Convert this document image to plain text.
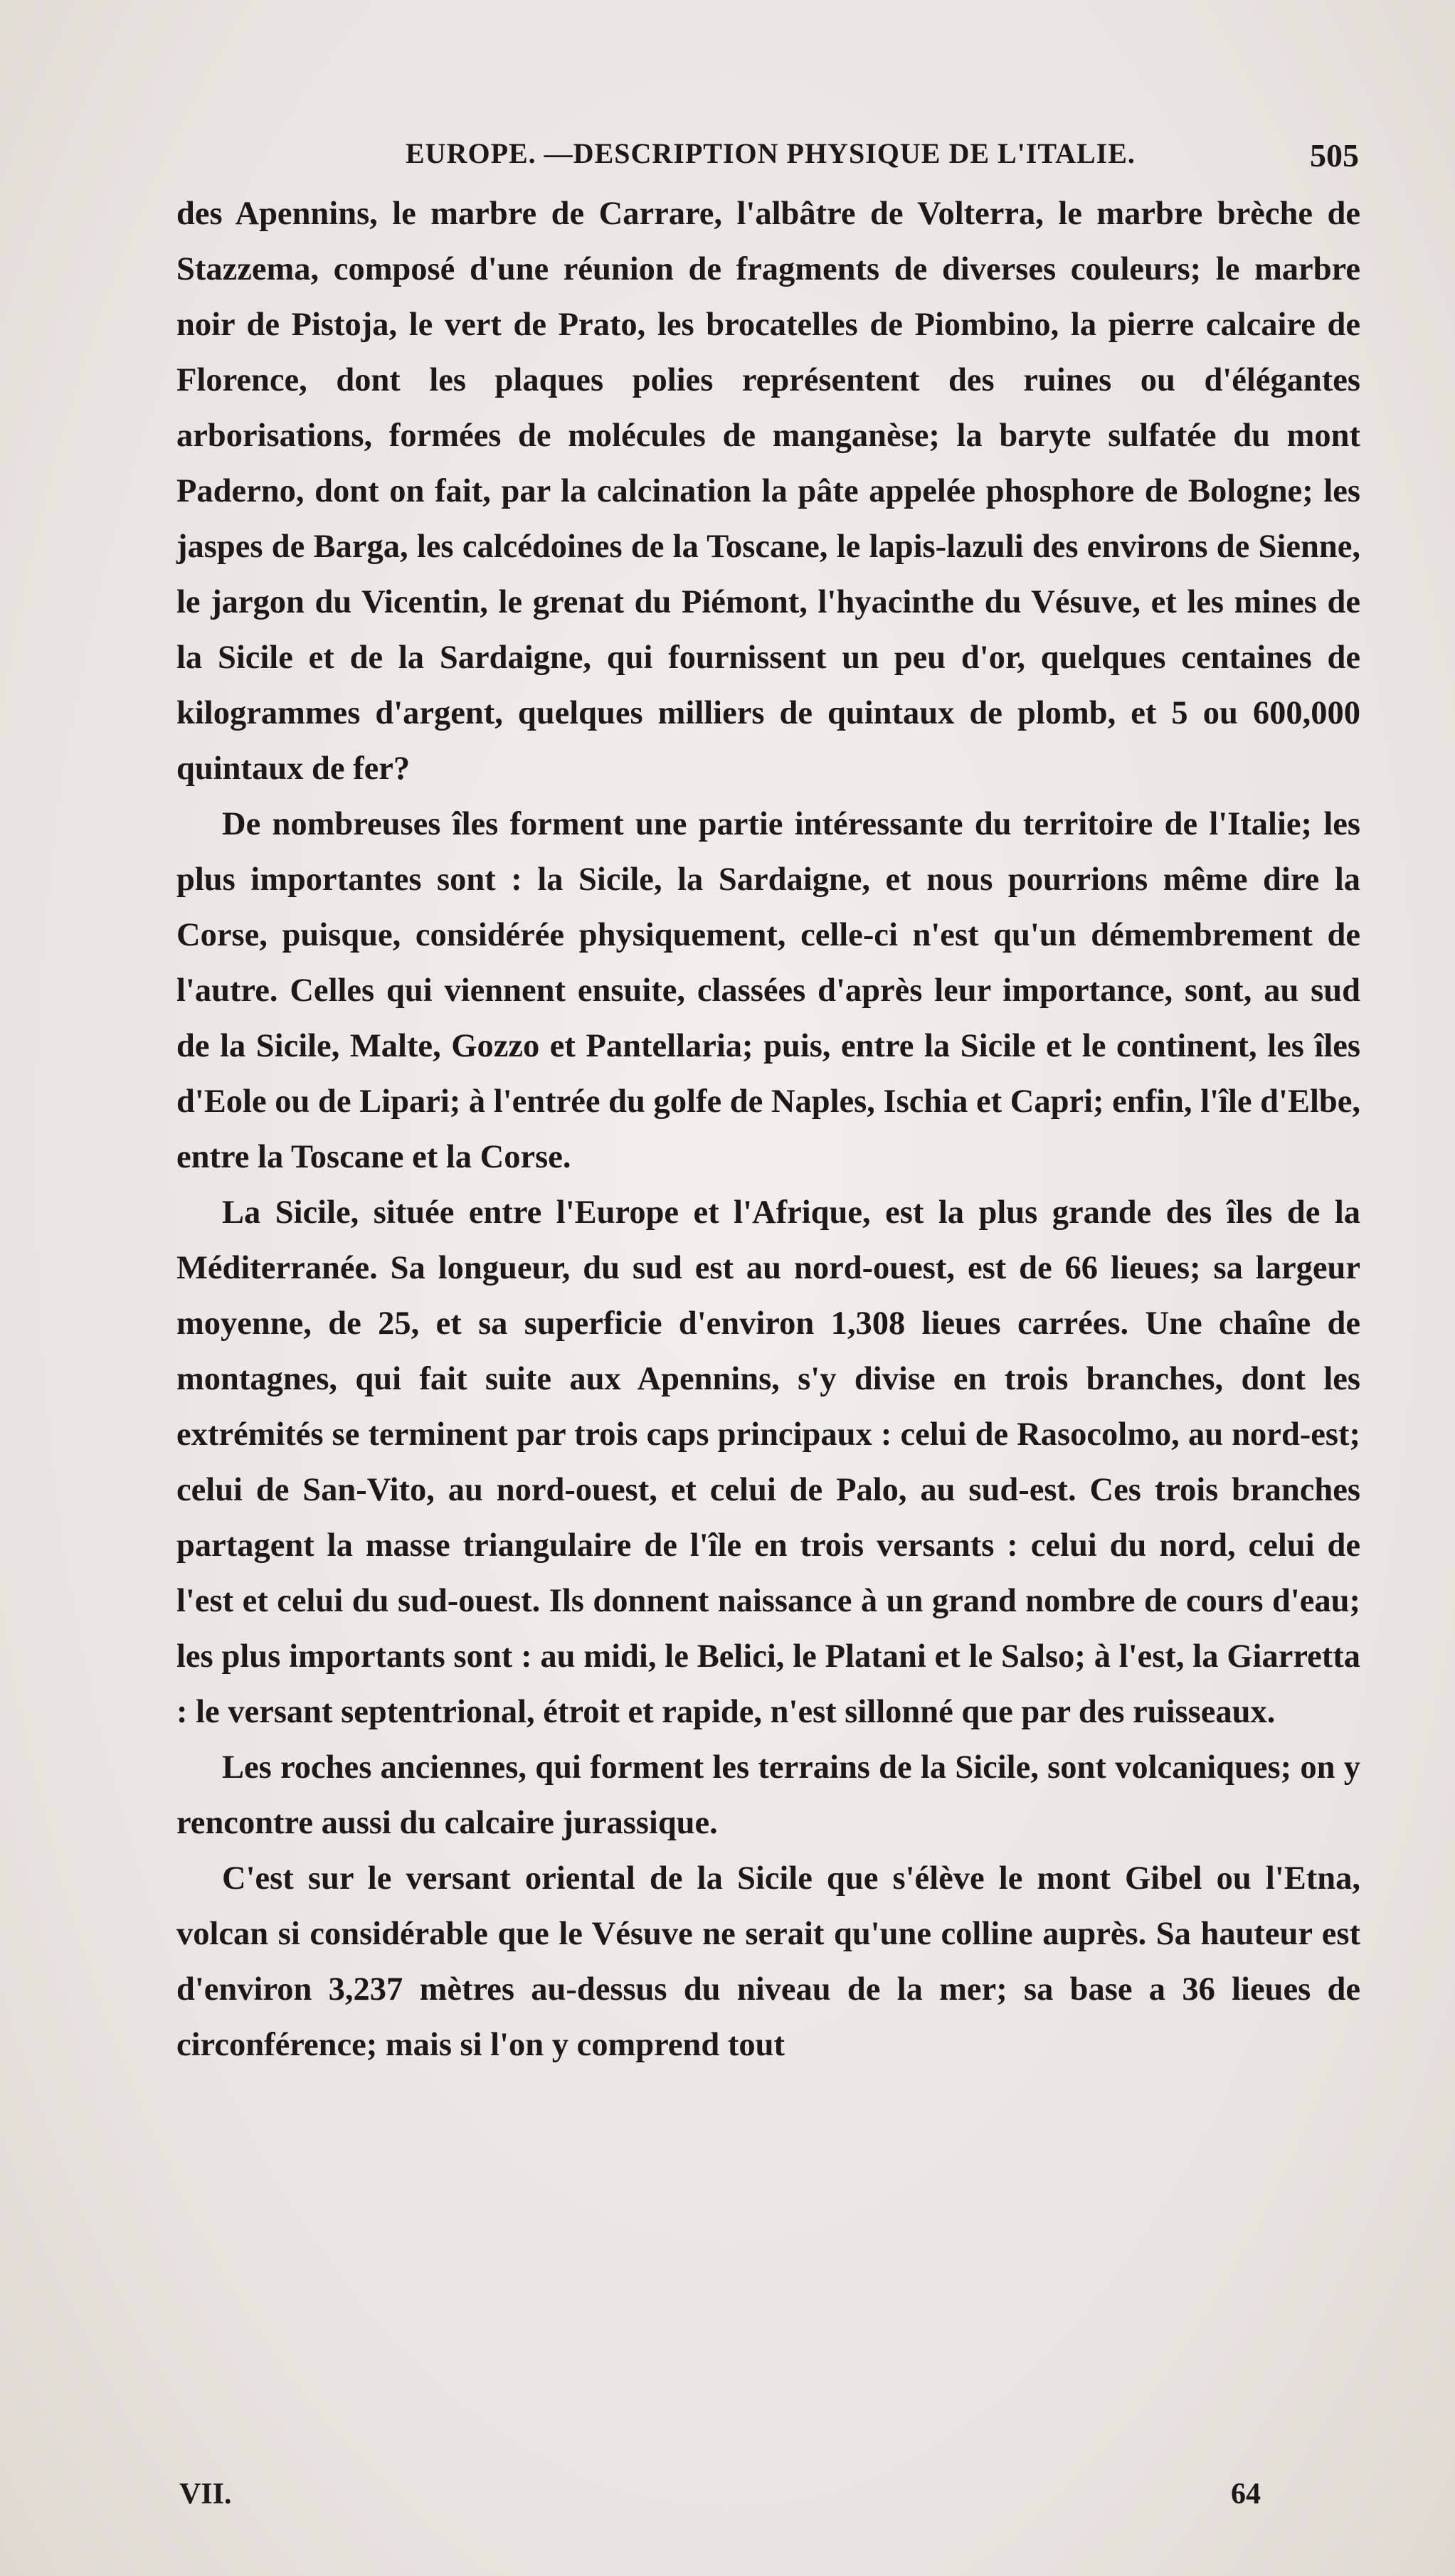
EUROPE. —DESCRIPTION PHYSIQUE DE L'ITALIE.	505

des Apennins, le marbre de Carrare, l'albâtre de Volterra, le marbre brèche de Stazzema, composé d'une réunion de fragments de diverses couleurs; le marbre noir de Pistoja, le vert de Prato, les brocatelles de Piombino, la pierre calcaire de Florence, dont les plaques polies représentent des ruines ou d'élégantes arborisations, formées de molécules de manganèse; la baryte sulfatée du mont Paderno, dont on fait, par la calcination la pâte appelée phosphore de Bologne; les jaspes de Barga, les calcédoines de la Toscane, le lapis-lazuli des environs de Sienne, le jargon du Vicentin, le grenat du Piémont, l'hyacinthe du Vésuve, et les mines de la Sicile et de la Sardaigne, qui fournissent un peu d'or, quelques centaines de kilogrammes d'argent, quelques milliers de quintaux de plomb, et 5 ou 600,000 quintaux de fer?

De nombreuses îles forment une partie intéressante du territoire de l'Italie; les plus importantes sont : la Sicile, la Sardaigne, et nous pourrions même dire la Corse, puisque, considérée physiquement, celle-ci n'est qu'un démembrement de l'autre. Celles qui viennent ensuite, classées d'après leur importance, sont, au sud de la Sicile, Malte, Gozzo et Pantellaria; puis, entre la Sicile et le continent, les îles d'Eole ou de Lipari; à l'entrée du golfe de Naples, Ischia et Capri; enfin, l'île d'Elbe, entre la Toscane et la Corse.

La Sicile, située entre l'Europe et l'Afrique, est la plus grande des îles de la Méditerranée. Sa longueur, du sud est au nord-ouest, est de 66 lieues; sa largeur moyenne, de 25, et sa superficie d'environ 1,308 lieues carrées. Une chaîne de montagnes, qui fait suite aux Apennins, s'y divise en trois branches, dont les extrémités se terminent par trois caps principaux : celui de Rasocolmo, au nord-est; celui de San-Vito, au nord-ouest, et celui de Palo, au sud-est. Ces trois branches partagent la masse triangulaire de l'île en trois versants : celui du nord, celui de l'est et celui du sud-ouest. Ils donnent naissance à un grand nombre de cours d'eau; les plus importants sont : au midi, le Belici, le Platani et le Salso; à l'est, la Giarretta : le versant septentrional, étroit et rapide, n'est sillonné que par des ruisseaux.

Les roches anciennes, qui forment les terrains de la Sicile, sont volcaniques; on y rencontre aussi du calcaire jurassique.

C'est sur le versant oriental de la Sicile que s'élève le mont Gibel ou l'Etna, volcan si considérable que le Vésuve ne serait qu'une colline auprès. Sa hauteur est d'environ 3,237 mètres au-dessus du niveau de la mer; sa base a 36 lieues de circonférence; mais si l'on y comprend tout

VII.	64
